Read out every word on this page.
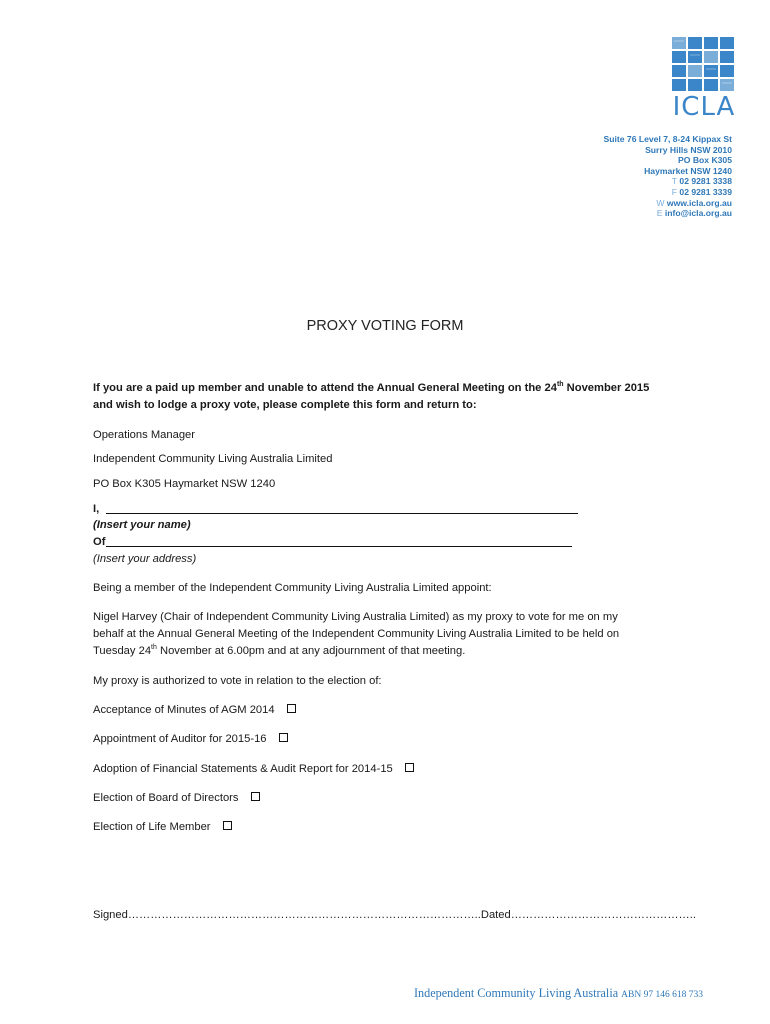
ICLA
Suite 76 Level 7, 8-24 Kippax St
Surry Hills NSW 2010
PO Box K305
Haymarket NSW 1240
T 02 9281 3338
F 02 9281 3339
W www.icla.org.au
E info@icla.org.au
PROXY VOTING FORM
If you are a paid up member and unable to attend the Annual General Meeting on the 24th November 2015
and wish to lodge a proxy vote, please complete this form and return to:
Operations Manager
Independent Community Living Australia Limited
PO Box K305 Haymarket NSW 1240
I,
(Insert your name)
Of
(Insert your address)
Being a member of the Independent Community Living Australia Limited appoint:
Nigel Harvey (Chair of Independent Community Living Australia Limited) as my proxy to vote for me on my
behalf at the Annual General Meeting of the Independent Community Living Australia Limited to be held on
Tuesday 24th November at 6.00pm and at any adjournment of that meeting.
My proxy is authorized to vote in relation to the election of:
Acceptance of Minutes of AGM 2014
Appointment of Auditor for 2015-16
Adoption of Financial Statements & Audit Report for 2014-15
Election of Board of Directors
Election of Life Member
Signed…………………………………………………………………………………..Dated…………………………………………..
Independent Community Living Australia ABN 97 146 618 733
